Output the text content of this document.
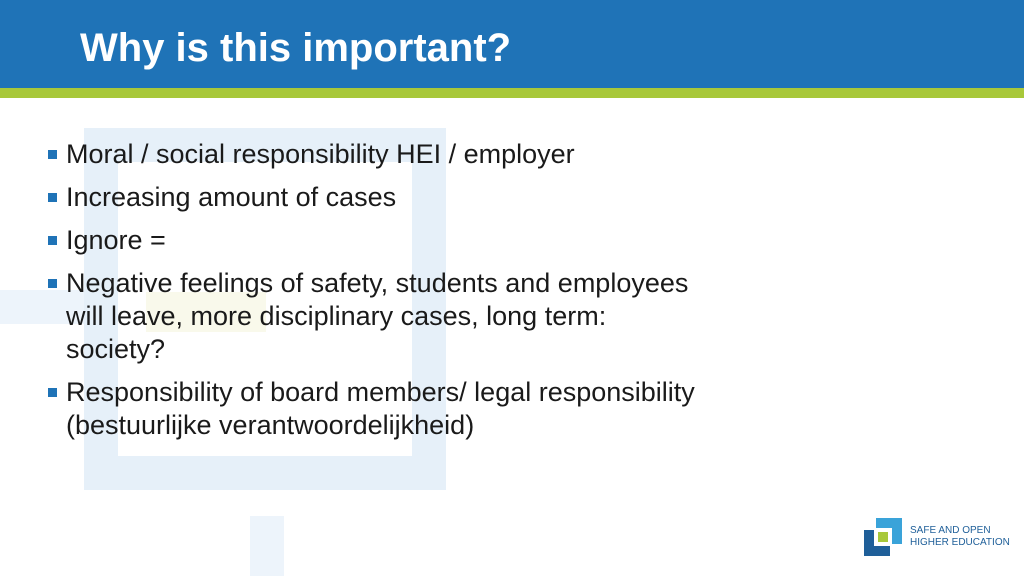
Why is this important?
Moral / social responsibility HEI / employer
Increasing amount of cases
Ignore =
Negative feelings of safety, students and employees will leave, more disciplinary cases, long term: society?
Responsibility of board members/ legal responsibility (bestuurlijke verantwoordelijkheid)
SAFE AND OPEN
HIGHER EDUCATION
